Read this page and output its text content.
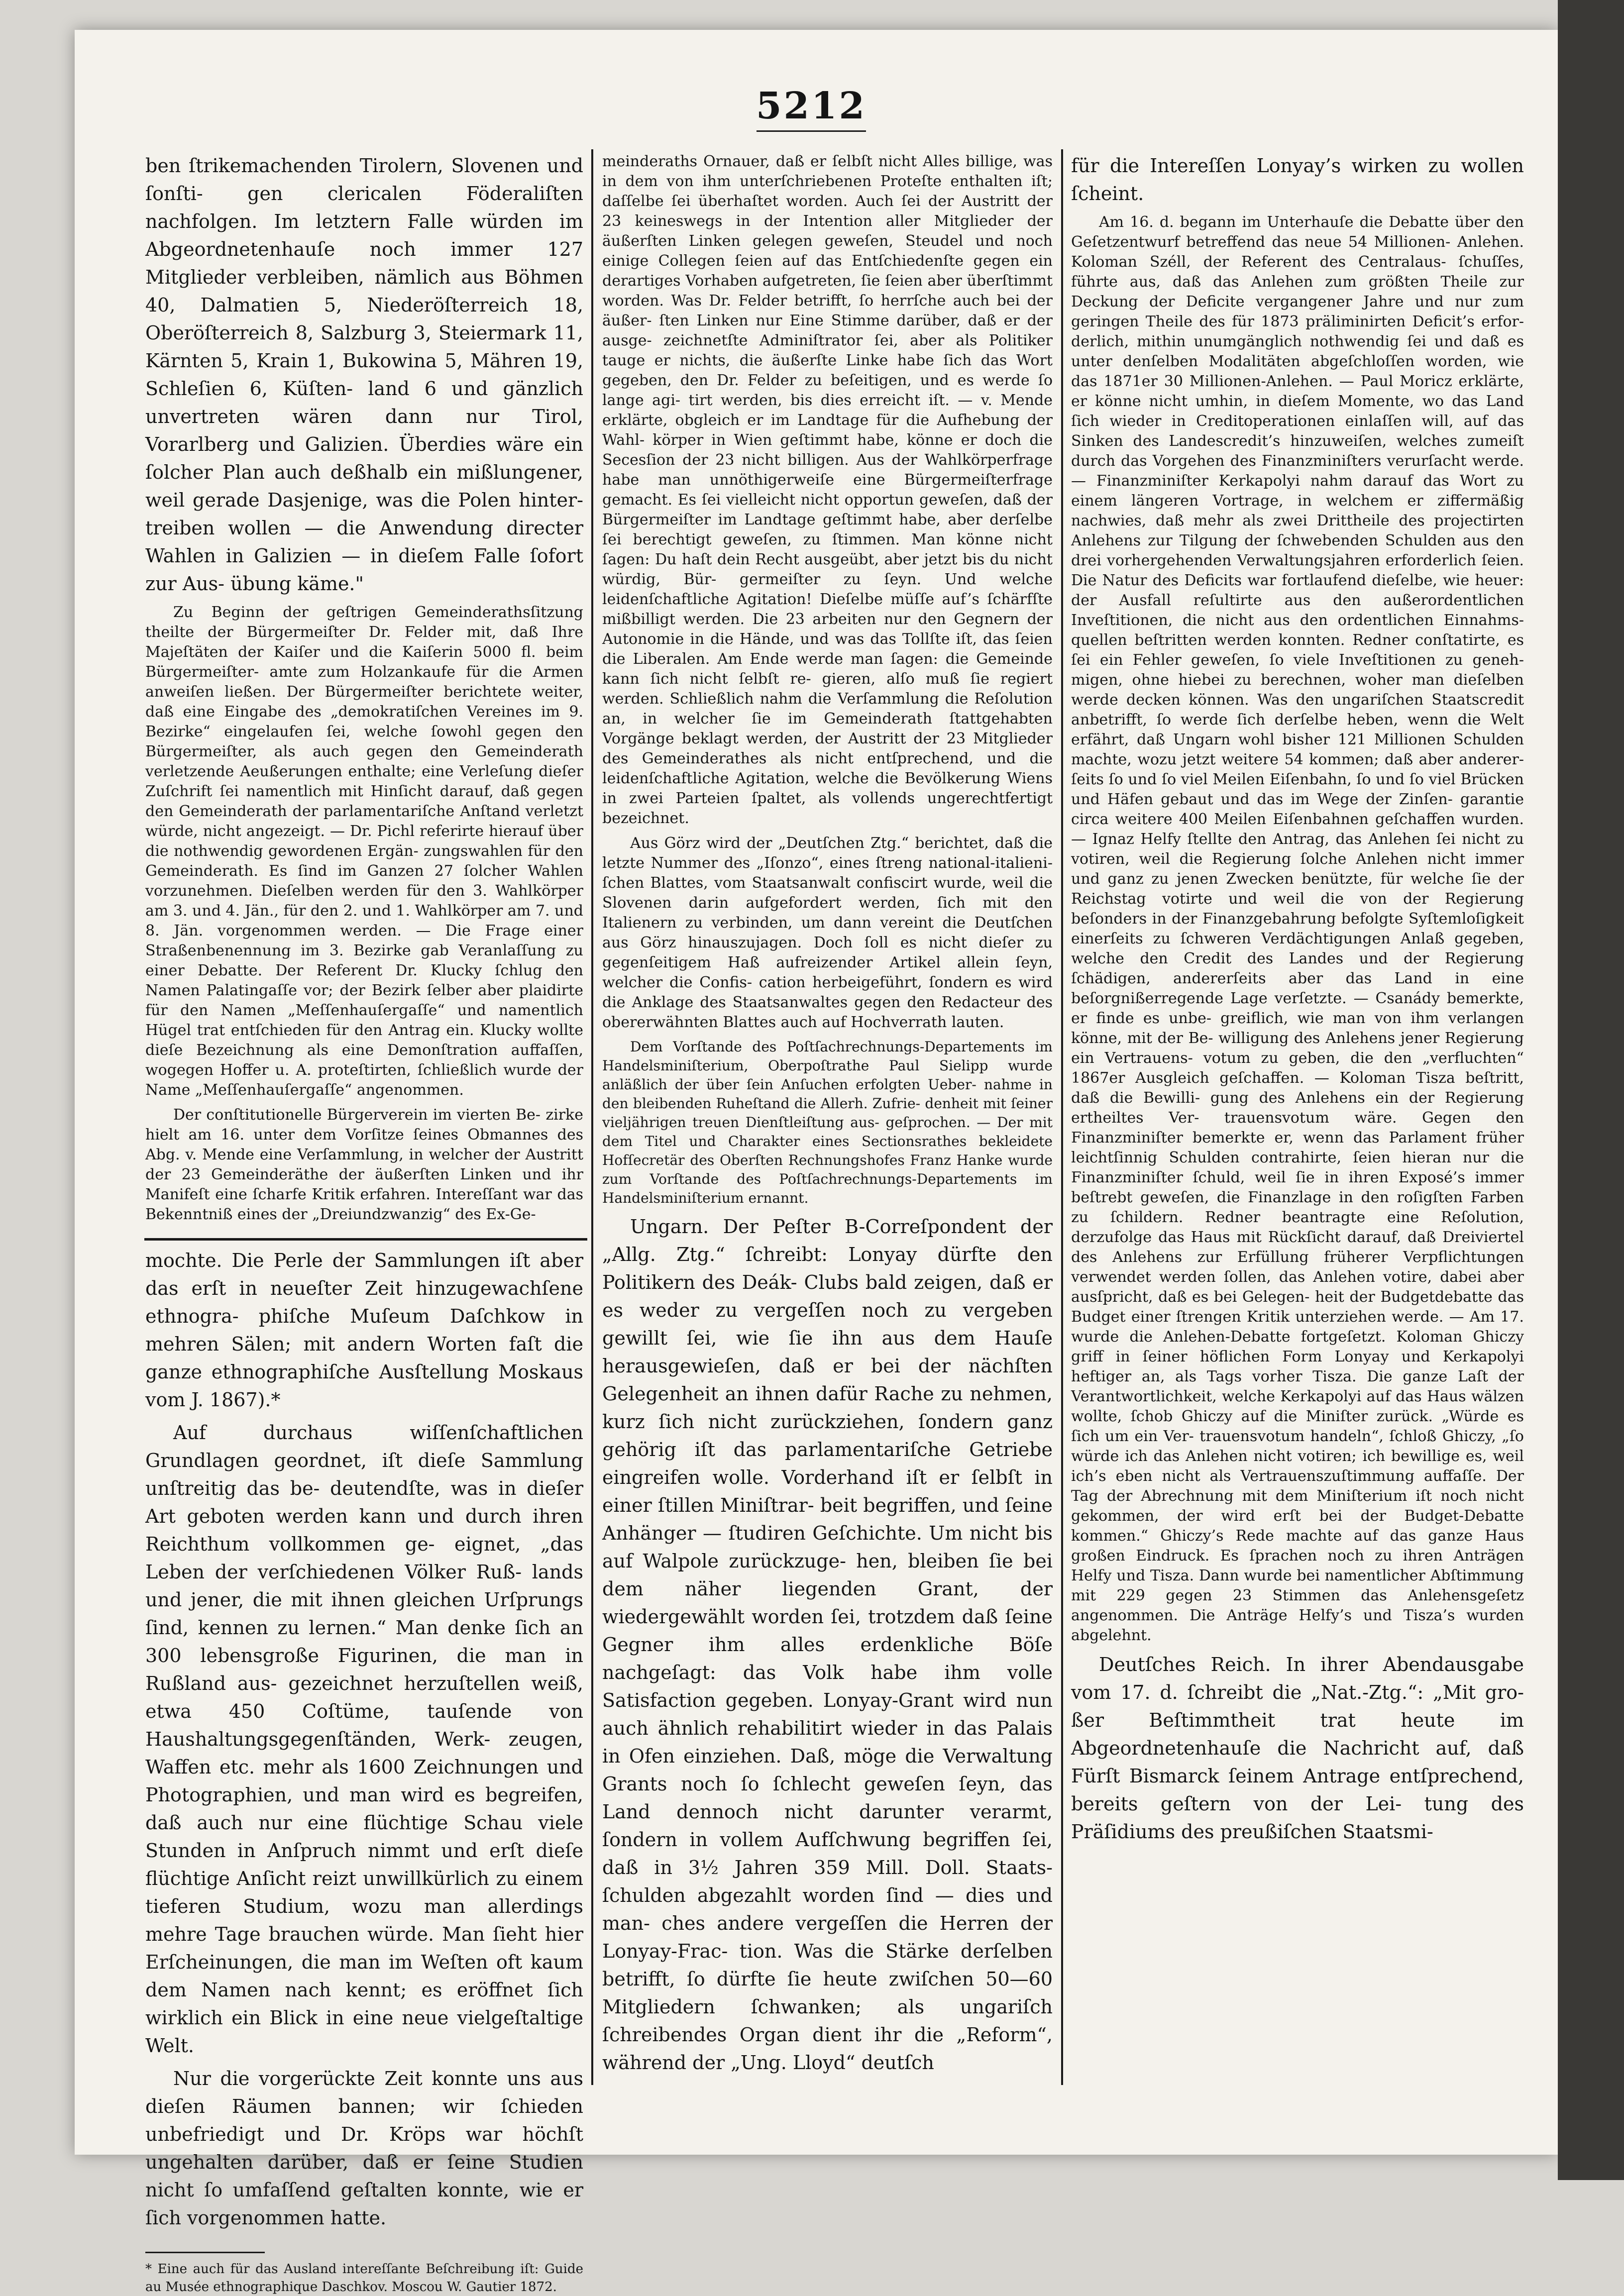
5212

ben ſtrikemachenden Tirolern, Slovenen und ſonſti- gen clericalen Föderaliſten nachfolgen. Im letztern Falle würden im Abgeordnetenhauſe noch immer 127 Mitglieder verbleiben, nämlich aus Böhmen 40, Dalmatien 5, Niederöſterreich 18, Oberöſterreich 8, Salzburg 3, Steiermark 11, Kärnten 5, Krain 1, Bukowina 5, Mähren 19, Schleſien 6, Küſten- land 6 und gänzlich unvertreten wären dann nur Tirol, Vorarlberg und Galizien. Überdies wäre ein ſolcher Plan auch deßhalb ein mißlungener, weil gerade Dasjenige, was die Polen hinter- treiben wollen — die Anwendung directer Wahlen in Galizien — in dieſem Falle ſofort zur Aus- übung käme."

Zu Beginn der geſtrigen Gemeinderathsſitzung theilte der Bürgermeiſter Dr. Felder mit, daß Ihre Majeſtäten der Kaiſer und die Kaiſerin 5000 fl. beim Bürgermeiſter- amte zum Holzankaufe für die Armen anweiſen ließen. Der Bürgermeiſter berichtete weiter, daß eine Eingabe des „demokratiſchen Vereines im 9. Bezirke“ eingelaufen ſei, welche ſowohl gegen den Bürgermeiſter, als auch gegen den Gemeinderath verletzende Aeußerungen enthalte; eine Verleſung dieſer Zuſchrift ſei namentlich mit Hinſicht darauf, daß gegen den Gemeinderath der parlamentariſche Anſtand verletzt würde, nicht angezeigt. — Dr. Pichl referirte hierauf über die nothwendig gewordenen Ergän- zungswahlen für den Gemeinderath. Es ſind im Ganzen 27 ſolcher Wahlen vorzunehmen. Dieſelben werden für den 3. Wahlkörper am 3. und 4. Jän., für den 2. und 1. Wahlkörper am 7. und 8. Jän. vorgenommen werden. — Die Frage einer Straßenbenennung im 3. Bezirke gab Veranlaſſung zu einer Debatte. Der Referent Dr. Klucky ſchlug den Namen Palatingaſſe vor; der Bezirk ſelber aber plaidirte für den Namen „Meſſenhauſergaſſe“ und namentlich Hügel trat entſchieden für den Antrag ein. Klucky wollte dieſe Bezeichnung als eine Demonſtration auffaſſen, wogegen Hoffer u. A. proteſtirten, ſchließlich wurde der Name „Meſſenhauſergaſſe“ angenommen.

Der conſtitutionelle Bürgerverein im vierten Be- zirke hielt am 16. unter dem Vorſitze ſeines Obmannes des Abg. v. Mende eine Verſammlung, in welcher der Austritt der 23 Gemeinderäthe der äußerſten Linken und ihr Manifeſt eine ſcharfe Kritik erfahren. Intereſſant war das Bekenntniß eines der „Dreiundzwanzig“ des Ex-Ge-

mochte. Die Perle der Sammlungen iſt aber das erſt in neueſter Zeit hinzugewachſene ethnogra- phiſche Muſeum Daſchkow in mehren Sälen; mit andern Worten faſt die ganze ethnographiſche Ausſtellung Moskaus vom J. 1867).*

Auf durchaus wiſſenſchaftlichen Grundlagen geordnet, iſt dieſe Sammlung unſtreitig das be- deutendſte, was in dieſer Art geboten werden kann und durch ihren Reichthum vollkommen ge- eignet, „das Leben der verſchiedenen Völker Ruß- lands und jener, die mit ihnen gleichen Urſprungs ſind, kennen zu lernen.“ Man denke ſich an 300 lebensgroße Figurinen, die man in Rußland aus- gezeichnet herzuſtellen weiß, etwa 450 Coſtüme, tauſende von Haushaltungsgegenſtänden, Werk- zeugen, Waffen etc. mehr als 1600 Zeichnungen und Photographien, und man wird es begreifen, daß auch nur eine flüchtige Schau viele Stunden in Anſpruch nimmt und erſt dieſe flüchtige Anſicht reizt unwillkürlich zu einem tieferen Studium, wozu man allerdings mehre Tage brauchen würde. Man ſieht hier Erſcheinungen, die man im Weſten oft kaum dem Namen nach kennt; es eröffnet ſich wirklich ein Blick in eine neue vielgeſtaltige Welt.

Nur die vorgerückte Zeit konnte uns aus dieſen Räumen bannen; wir ſchieden unbefriedigt und Dr. Kröps war höchſt ungehalten darüber, daß er ſeine Studien nicht ſo umfaſſend geſtalten konnte, wie er ſich vorgenommen hatte.

* Eine auch für das Ausland intereſſante Beſchreibung iſt: Guide au Musée ethnographique Daschkov. Moscou W. Gautier 1872.

meinderaths Ornauer, daß er ſelbſt nicht Alles billige, was in dem von ihm unterſchriebenen Proteſte enthalten iſt; daſſelbe ſei überhaſtet worden. Auch ſei der Austritt der 23 keineswegs in der Intention aller Mitglieder der äußerſten Linken gelegen geweſen, Steudel und noch einige Collegen ſeien auf das Entſchiedenſte gegen ein derartiges Vorhaben aufgetreten, ſie ſeien aber überſtimmt worden. Was Dr. Felder betrifft, ſo herrſche auch bei der äußer- ſten Linken nur Eine Stimme darüber, daß er der ausge- zeichnetſte Adminiſtrator ſei, aber als Politiker tauge er nichts, die äußerſte Linke habe ſich das Wort gegeben, den Dr. Felder zu beſeitigen, und es werde ſo lange agi- tirt werden, bis dies erreicht iſt. — v. Mende erklärte, obgleich er im Landtage für die Aufhebung der Wahl- körper in Wien geſtimmt habe, könne er doch die Secesſion der 23 nicht billigen. Aus der Wahlkörperfrage habe man unnöthigerweiſe eine Bürgermeiſterfrage gemacht. Es ſei vielleicht nicht opportun geweſen, daß der Bürgermeiſter im Landtage geſtimmt habe, aber derſelbe ſei berechtigt geweſen, zu ſtimmen. Man könne nicht ſagen: Du haſt dein Recht ausgeübt, aber jetzt bis du nicht würdig, Bür- germeiſter zu ſeyn. Und welche leidenſchaftliche Agitation! Dieſelbe müſſe auf’s ſchärfſte mißbilligt werden. Die 23 arbeiten nur den Gegnern der Autonomie in die Hände, und was das Tollſte iſt, das ſeien die Liberalen. Am Ende werde man ſagen: die Gemeinde kann ſich nicht ſelbſt re- gieren, alſo muß ſie regiert werden. Schließlich nahm die Verſammlung die Reſolution an, in welcher ſie im Gemeinderath ſtattgehabten Vorgänge beklagt werden, der Austritt der 23 Mitglieder des Gemeinderathes als nicht entſprechend, und die leidenſchaftliche Agitation, welche die Bevölkerung Wiens in zwei Parteien ſpaltet, als vollends ungerechtfertigt bezeichnet.

Aus Görz wird der „Deutſchen Ztg.“ berichtet, daß die letzte Nummer des „Iſonzo“, eines ſtreng national-italieni- ſchen Blattes, vom Staatsanwalt confiscirt wurde, weil die Slovenen darin aufgefordert werden, ſich mit den Italienern zu verbinden, um dann vereint die Deutſchen aus Görz hinauszujagen. Doch ſoll es nicht dieſer zu gegenſeitigem Haß aufreizender Artikel allein ſeyn, welcher die Confis- cation herbeigeführt, ſondern es wird die Anklage des Staatsanwaltes gegen den Redacteur des obererwähnten Blattes auch auf Hochverrath lauten.

Dem Vorſtande des Poſtſachrechnungs-Departements im Handelsminiſterium, Oberpoſtrathe Paul Sielipp wurde anläßlich der über ſein Anſuchen erfolgten Ueber- nahme in den bleibenden Ruheſtand die Allerh. Zufrie- denheit mit ſeiner vieljährigen treuen Dienſtleiſtung aus- geſprochen. — Der mit dem Titel und Charakter eines Sectionsrathes bekleidete Hofſecretär des Oberſten Rechnungshofes Franz Hanke wurde zum Vorſtande des Poſtſachrechnungs-Departements im Handelsminiſterium ernannt.

Ungarn. Der Peſter B-Correſpondent der „Allg. Ztg.“ ſchreibt: Lonyay dürfte den Politikern des Deák- Clubs bald zeigen, daß er es weder zu vergeſſen noch zu vergeben gewillt ſei, wie ſie ihn aus dem Hauſe herausgewieſen, daß er bei der nächſten Gelegenheit an ihnen dafür Rache zu nehmen, kurz ſich nicht zurückziehen, ſondern ganz gehörig iſt das parlamentariſche Getriebe eingreifen wolle. Vorderhand iſt er ſelbſt in einer ſtillen Miniſtrar- beit begriffen, und ſeine Anhänger — ſtudiren Geſchichte. Um nicht bis auf Walpole zurückzuge- hen, bleiben ſie bei dem näher liegenden Grant, der wiedergewählt worden ſei, trotzdem daß ſeine Gegner ihm alles erdenkliche Böſe nachgeſagt: das Volk habe ihm volle Satisfaction gegeben. Lonyay-Grant wird nun auch ähnlich rehabilitirt wieder in das Palais in Ofen einziehen. Daß, möge die Verwaltung Grants noch ſo ſchlecht geweſen ſeyn, das Land dennoch nicht darunter verarmt, ſondern in vollem Aufſchwung begriffen ſei, daß in 3½ Jahren 359 Mill. Doll. Staats- ſchulden abgezahlt worden ſind — dies und man- ches andere vergeſſen die Herren der Lonyay-Frac- tion. Was die Stärke derſelben betrifft, ſo dürfte ſie heute zwiſchen 50—60 Mitgliedern ſchwanken; als ungariſch ſchreibendes Organ dient ihr die „Reform“, während der „Ung. Lloyd“ deutſch

für die Intereſſen Lonyay’s wirken zu wollen ſcheint.

Am 16. d. begann im Unterhauſe die Debatte über den Geſetzentwurf betreffend das neue 54 Millionen- Anlehen. Koloman Széll, der Referent des Centralaus- ſchuſſes, führte aus, daß das Anlehen zum größten Theile zur Deckung der Deficite vergangener Jahre und nur zum geringen Theile des für 1873 präliminirten Deficit’s erfor- derlich, mithin unumgänglich nothwendig ſei und daß es unter denſelben Modalitäten abgeſchloſſen worden, wie das 1871er 30 Millionen-Anlehen. — Paul Moricz erklärte, er könne nicht umhin, in dieſem Momente, wo das Land ſich wieder in Creditoperationen einlaſſen will, auf das Sinken des Landescredit’s hinzuweiſen, welches zumeiſt durch das Vorgehen des Finanzminiſters verurſacht werde. — Finanzminiſter Kerkapolyi nahm darauf das Wort zu einem längeren Vortrage, in welchem er ziffermäßig nachwies, daß mehr als zwei Drittheile des projectirten Anlehens zur Tilgung der ſchwebenden Schulden aus den drei vorhergehenden Verwaltungsjahren erforderlich ſeien. Die Natur des Deficits war fortlaufend dieſelbe, wie heuer: der Ausfall reſultirte aus den außerordentlichen Inveſtitionen, die nicht aus den ordentlichen Einnahms- quellen beſtritten werden konnten. Redner conſtatirte, es ſei ein Fehler geweſen, ſo viele Inveſtitionen zu geneh- migen, ohne hiebei zu berechnen, woher man dieſelben werde decken können. Was den ungariſchen Staatscredit anbetrifft, ſo werde ſich derſelbe heben, wenn die Welt erfährt, daß Ungarn wohl bisher 121 Millionen Schulden machte, wozu jetzt weitere 54 kommen; daß aber anderer- ſeits ſo und ſo viel Meilen Eiſenbahn, ſo und ſo viel Brücken und Häfen gebaut und das im Wege der Zinſen- garantie circa weitere 400 Meilen Eiſenbahnen geſchaffen wurden. — Ignaz Helfy ſtellte den Antrag, das Anlehen ſei nicht zu votiren, weil die Regierung ſolche Anlehen nicht immer und ganz zu jenen Zwecken benützte, für welche ſie der Reichstag votirte und weil die von der Regierung beſonders in der Finanzgebahrung befolgte Syſtemloſigkeit einerſeits zu ſchweren Verdächtigungen Anlaß gegeben, welche den Credit des Landes und der Regierung ſchädigen, andererſeits aber das Land in eine beſorgnißerregende Lage verſetzte. — Csanády bemerkte, er finde es unbe- greiflich, wie man von ihm verlangen könne, mit der Be- willigung des Anlehens jener Regierung ein Vertrauens- votum zu geben, die den „verfluchten“ 1867er Ausgleich geſchaffen. — Koloman Tisza beſtritt, daß die Bewilli- gung des Anlehens ein der Regierung ertheiltes Ver- trauensvotum wäre. Gegen den Finanzminiſter bemerkte er, wenn das Parlament früher leichtſinnig Schulden contrahirte, ſeien hieran nur die Finanzminiſter ſchuld, weil ſie in ihren Exposé’s immer beſtrebt geweſen, die Finanzlage in den roſigſten Farben zu ſchildern. Redner beantragte eine Reſolution, derzufolge das Haus mit Rückſicht darauf, daß Dreiviertel des Anlehens zur Erfüllung früherer Verpflichtungen verwendet werden ſollen, das Anlehen votire, dabei aber ausſpricht, daß es bei Gelegen- heit der Budgetdebatte das Budget einer ſtrengen Kritik unterziehen werde. — Am 17. wurde die Anlehen-Debatte fortgeſetzt. Koloman Ghiczy griff in ſeiner höflichen Form Lonyay und Kerkapolyi heftiger an, als Tags vorher Tisza. Die ganze Laſt der Verantwortlichkeit, welche Kerkapolyi auf das Haus wälzen wollte, ſchob Ghiczy auf die Miniſter zurück. „Würde es ſich um ein Ver- trauensvotum handeln“, ſchloß Ghiczy, „ſo würde ich das Anlehen nicht votiren; ich bewillige es, weil ich’s eben nicht als Vertrauenszuſtimmung auffaſſe. Der Tag der Abrechnung mit dem Miniſterium iſt noch nicht gekommen, der wird erſt bei der Budget-Debatte kommen.“ Ghiczy’s Rede machte auf das ganze Haus großen Eindruck. Es ſprachen noch zu ihren Anträgen Helfy und Tisza. Dann wurde bei namentlicher Abſtimmung mit 229 gegen 23 Stimmen das Anlehensgeſetz angenommen. Die Anträge Helfy’s und Tisza’s wurden abgelehnt.

Deutſches Reich. In ihrer Abendausgabe vom 17. d. ſchreibt die „Nat.-Ztg.“: „Mit gro- ßer Beſtimmtheit trat heute im Abgeordnetenhauſe die Nachricht auf, daß Fürſt Bismarck ſeinem Antrage entſprechend, bereits geſtern von der Lei- tung des Präſidiums des preußiſchen Staatsmi-
